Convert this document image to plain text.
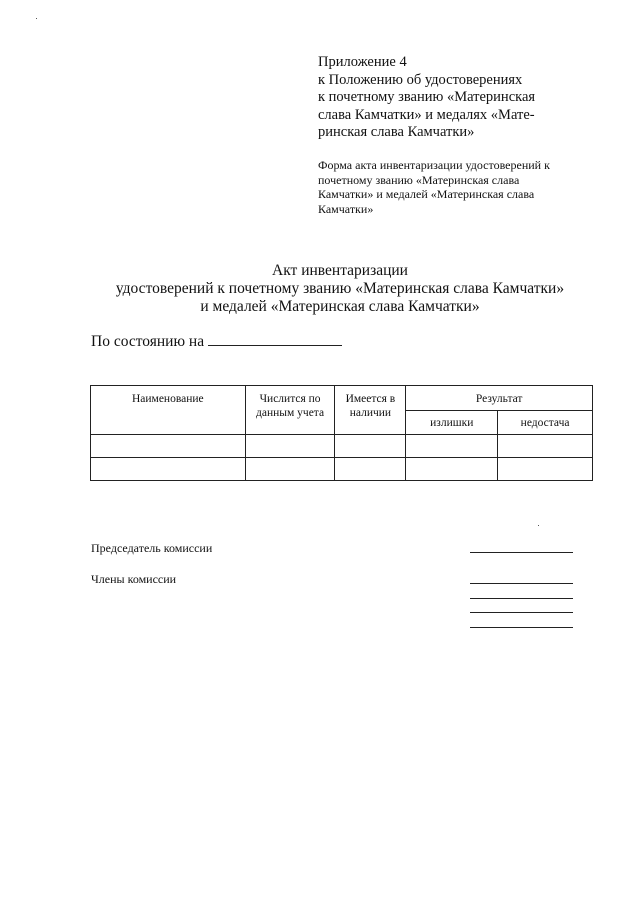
Приложение 4
к Положению об удостоверениях
к почетному званию «Материнская
слава Камчатки» и медалях «Мате-
ринская слава Камчатки»
Форма акта инвентаризации удостоверений к
почетному званию «Материнская слава
Камчатки» и медалей «Материнская слава
Камчатки»
Акт инвентаризации
удостоверений к почетному званию «Материнская слава Камчатки»
и медалей «Материнская слава Камчатки»
По состоянию на
Наименование	Числится по данным учета	Имеется в наличии	Результат	
			излишки	недостача

Председатель комиссии
Члены комиссии
